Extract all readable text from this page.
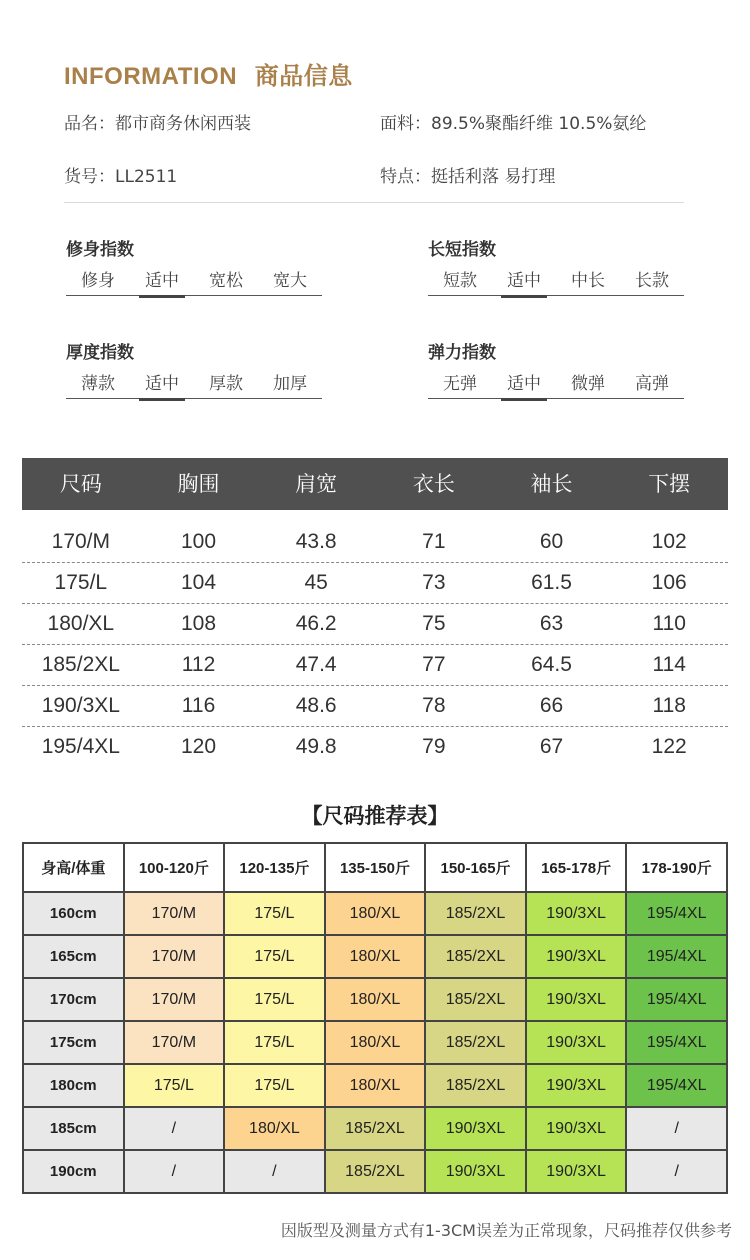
INFORMATION 商品信息
品名：都市商务休闲西装	面料：89.5%聚酯纤维 10.5%氨纶
货号：LL2511	特点：挺括利落 易打理
修身指数
修身 适中 宽松 宽大
长短指数
短款 适中 中长 长款
厚度指数
薄款 适中 厚款 加厚
弹力指数
无弹 适中 微弹 高弹
尺码	胸围	肩宽	衣长	袖长	下摆
170/M	100	43.8	71	60	102
175/L	104	45	73	61.5	106
180/XL	108	46.2	75	63	110
185/2XL	112	47.4	77	64.5	114
190/3XL	116	48.6	78	66	118
195/4XL	120	49.8	79	67	122
【尺码推荐表】
身高/体重	100-120斤	120-135斤	135-150斤	150-165斤	165-178斤	178-190斤
160cm	170/M	175/L	180/XL	185/2XL	190/3XL	195/4XL
165cm	170/M	175/L	180/XL	185/2XL	190/3XL	195/4XL
170cm	170/M	175/L	180/XL	185/2XL	190/3XL	195/4XL
175cm	170/M	175/L	180/XL	185/2XL	190/3XL	195/4XL
180cm	175/L	175/L	180/XL	185/2XL	190/3XL	195/4XL
185cm	/	180/XL	185/2XL	190/3XL	190/3XL	/
190cm	/	/	185/2XL	190/3XL	190/3XL	/
因版型及测量方式有1-3CM误差为正常现象，尺码推荐仅供参考
